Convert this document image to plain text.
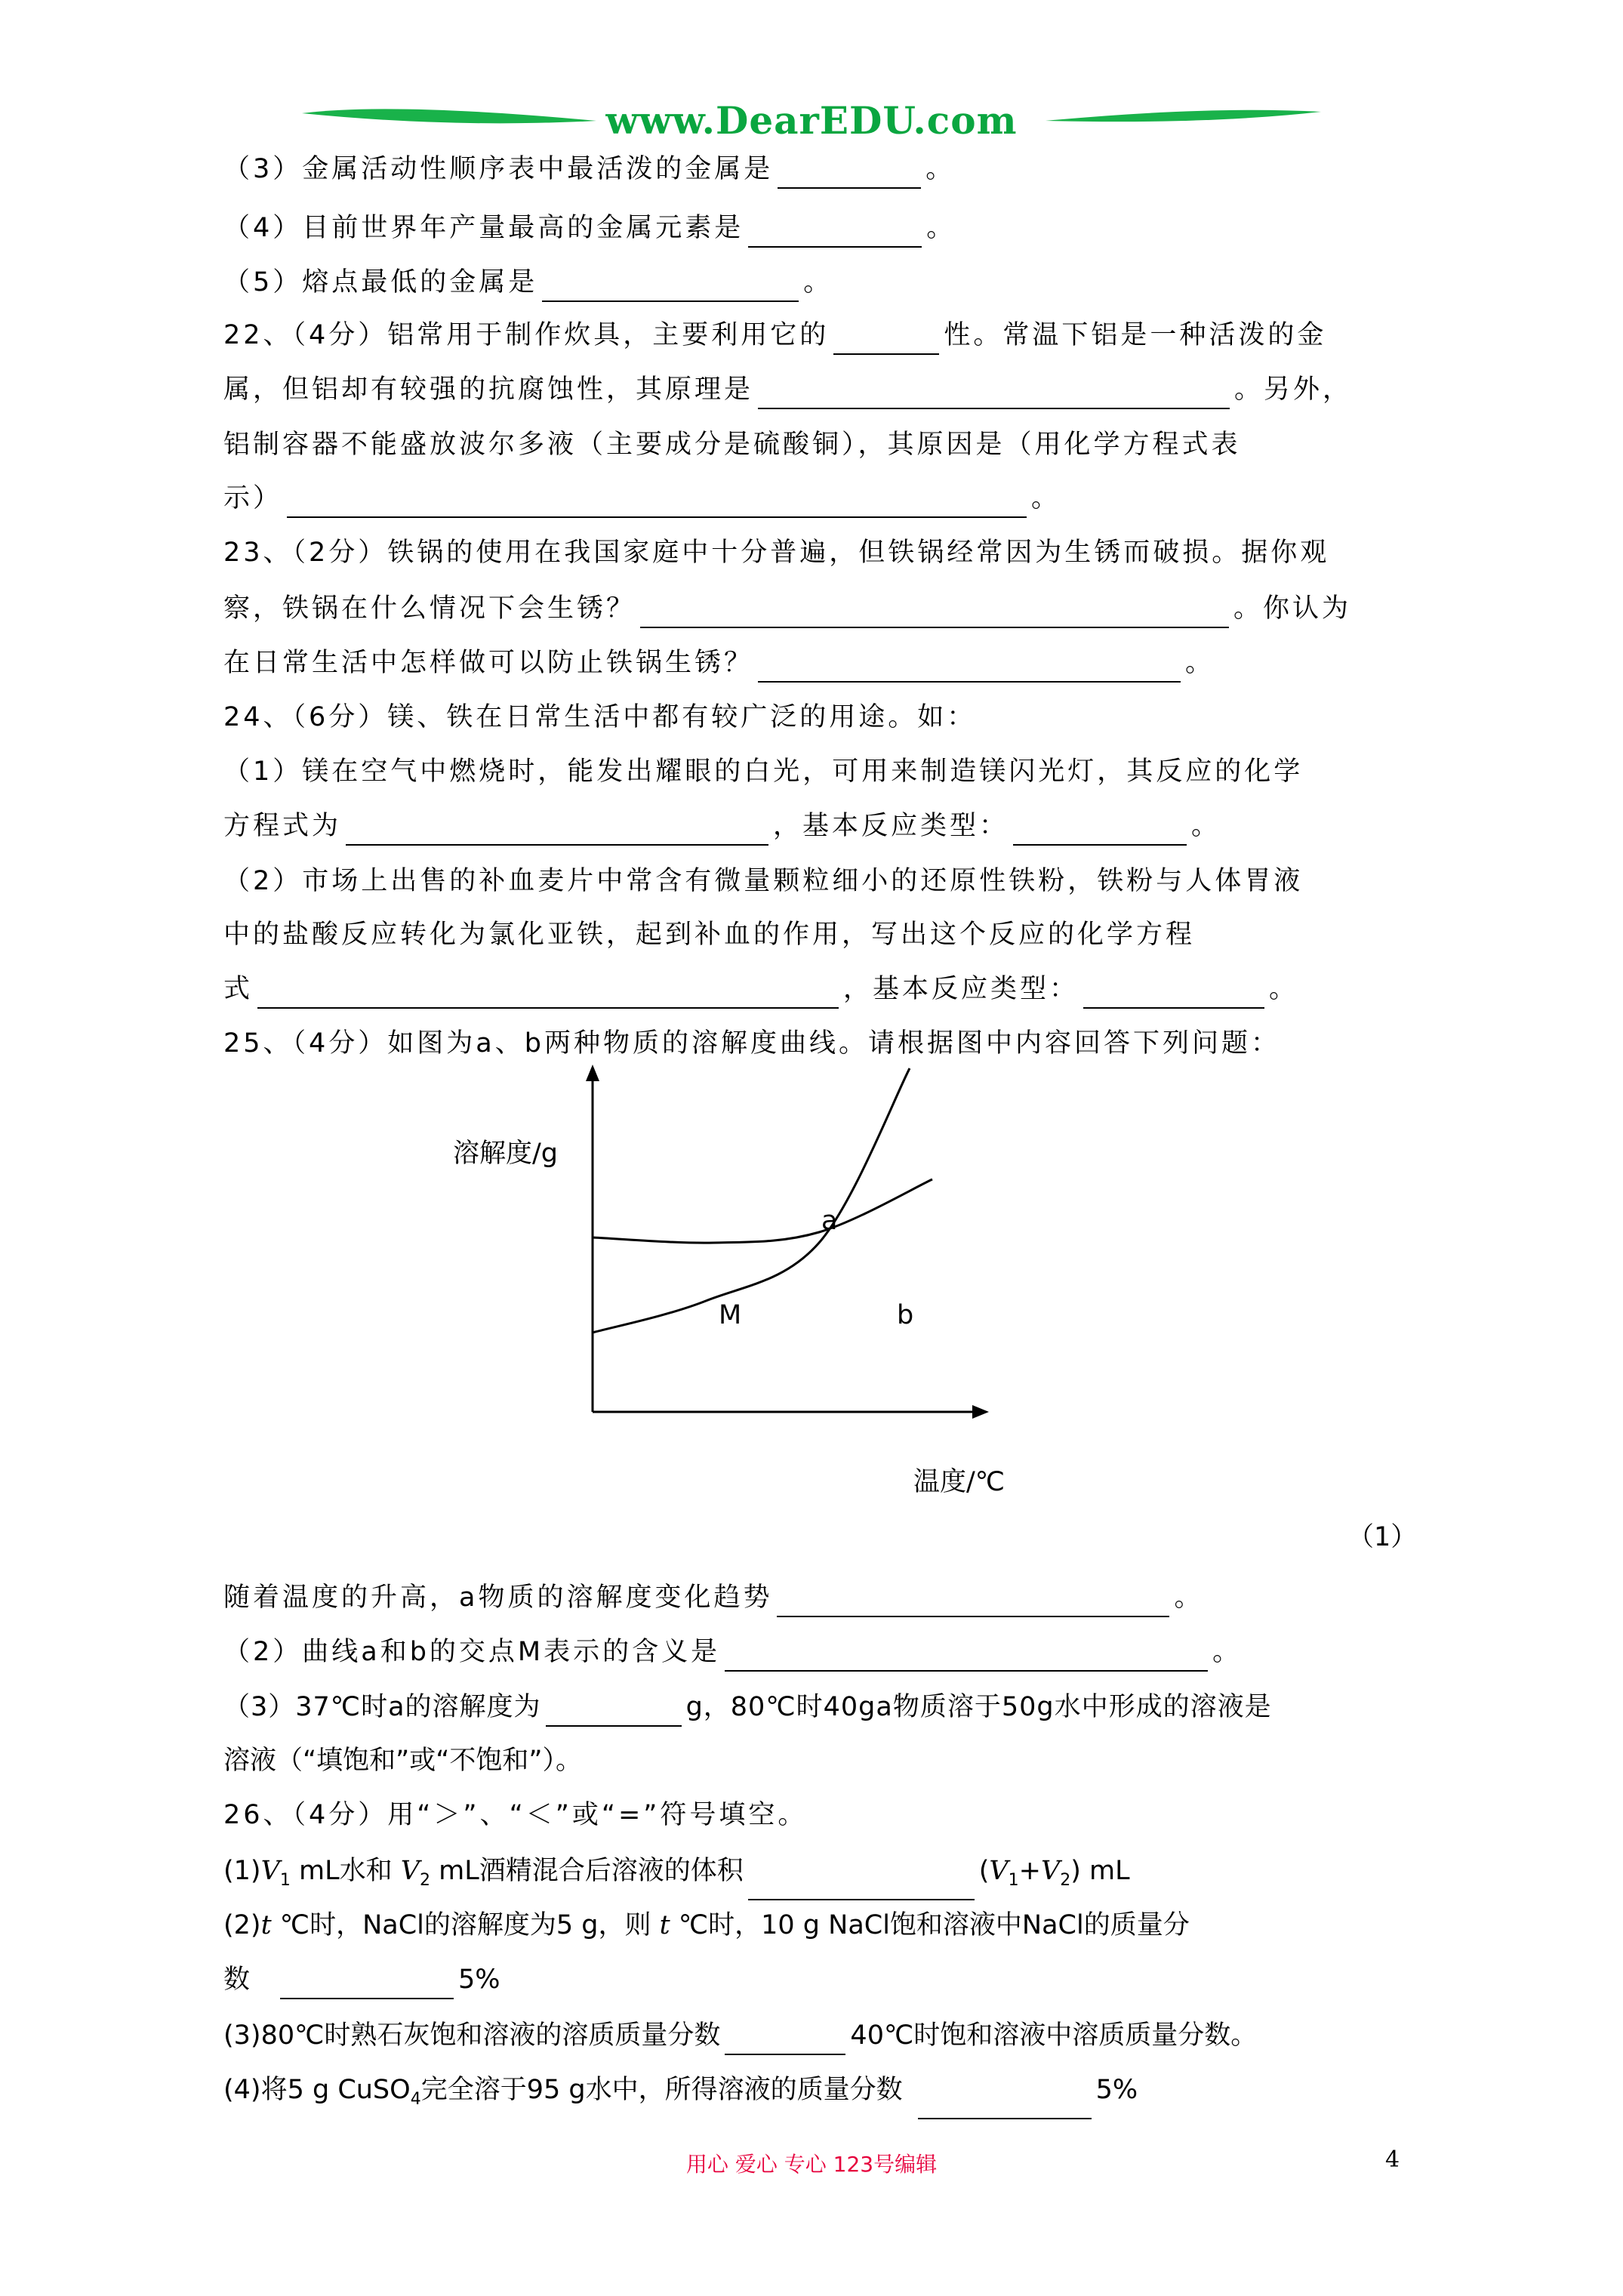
www.DearEDU.com
（3）金属活动性顺序表中最活泼的金属是	。
（4）目前世界年产量最高的金属元素是	。
（5）熔点最低的金属是	。
22、（4分）铝常用于制作炊具，主要利用它的	性。常温下铝是一种活泼的金
属，但铝却有较强的抗腐蚀性，其原理是	。另外，
铝制容器不能盛放波尔多液（主要成分是硫酸铜），其原因是（用化学方程式表
示）	。
23、（2分）铁锅的使用在我国家庭中十分普遍，但铁锅经常因为生锈而破损。据你观
察，铁锅在什么情况下会生锈？	。你认为
在日常生活中怎样做可以防止铁锅生锈？	。
24、（6分）镁、铁在日常生活中都有较广泛的用途。如：
（1）镁在空气中燃烧时，能发出耀眼的白光，可用来制造镁闪光灯，其反应的化学
方程式为	，基本反应类型：	。
（2）市场上出售的补血麦片中常含有微量颗粒细小的还原性铁粉，铁粉与人体胃液
中的盐酸反应转化为氯化亚铁，起到补血的作用，写出这个反应的化学方程
式	，基本反应类型：	。
25、（4分）如图为a、b两种物质的溶解度曲线。请根据图中内容回答下列问题：
溶解度/g
温度/℃
a
b
M
（1）
随着温度的升高，a物质的溶解度变化趋势	。
（2）曲线a和b的交点M表示的含义是	。
（3）37℃时a的溶解度为	g，80℃时40ga物质溶于50g水中形成的溶液是
溶液（“填饱和”或“不饱和”）。
26、（4分）用“＞”、“＜”或“=”符号填空。
$(1)V_1$ mL水和 $V_2$ mL酒精混合后溶液的体积	$(V_1+V_2)$ mL
(2)t ℃时，NaCl的溶解度为5 g，则 t ℃时，10 g NaCl饱和溶液中NaCl的质量分
数	5%
(3)80℃时熟石灰饱和溶液的溶质质量分数	40℃时饱和溶液中溶质质量分数。
(4)将5 g CuSO$_4$完全溶于95 g水中，所得溶液的质量分数	5%
用心 爱心 专心 123号编辑	4
